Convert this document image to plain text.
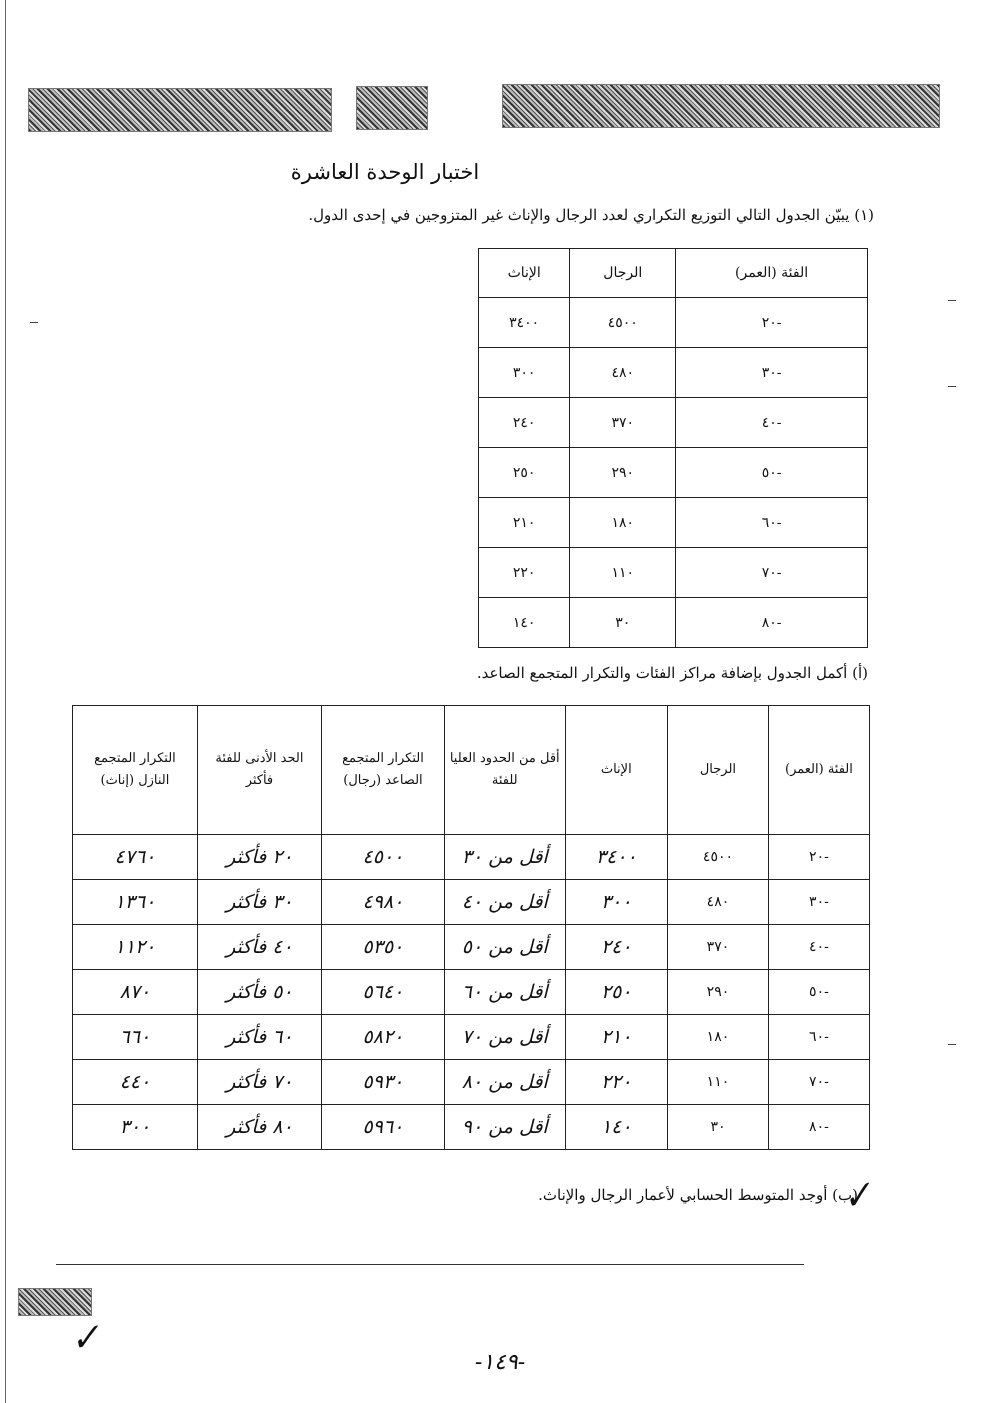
اختبار الوحدة العاشرة
(١) يبيّن الجدول التالي التوزيع التكراري لعدد الرجال والإناث غير المتزوجين في إحدى الدول.
الفئة (العمر)	الرجال	الإناث
-٢٠	٤٥٠٠	٣٤٠٠
-٣٠	٤٨٠	٣٠٠
-٤٠	٣٧٠	٢٤٠
-٥٠	٢٩٠	٢٥٠
-٦٠	١٨٠	٢١٠
-٧٠	١١٠	٢٢٠
-٨٠	٣٠	١٤٠
(أ) أكمل الجدول بإضافة مراكز الفئات والتكرار المتجمع الصاعد.
الفئة (العمر)	الرجال	الإناث	أقل من الحدود العليا للفئة	التكرار المتجمع الصاعد (رجال)	الحد الأدنى للفئة فأكثر	التكرار المتجمع النازل (إناث)
-٢٠	٤٥٠٠	٣٤٠٠	أقل من ٣٠	٤٥٠٠	٢٠ فأكثر	٤٧٦٠
-٣٠	٤٨٠	٣٠٠	أقل من ٤٠	٤٩٨٠	٣٠ فأكثر	١٣٦٠
-٤٠	٣٧٠	٢٤٠	أقل من ٥٠	٥٣٥٠	٤٠ فأكثر	١١٢٠
-٥٠	٢٩٠	٢٥٠	أقل من ٦٠	٥٦٤٠	٥٠ فأكثر	٨٧٠
-٦٠	١٨٠	٢١٠	أقل من ٧٠	٥٨٢٠	٦٠ فأكثر	٦٦٠
-٧٠	١١٠	٢٢٠	أقل من ٨٠	٥٩٣٠	٧٠ فأكثر	٤٤٠
-٨٠	٣٠	١٤٠	أقل من ٩٠	٥٩٦٠	٨٠ فأكثر	٣٠٠
✓
(ب) أوجد المتوسط الحسابي لأعمار الرجال والإناث.
✓
-١٤٩-
